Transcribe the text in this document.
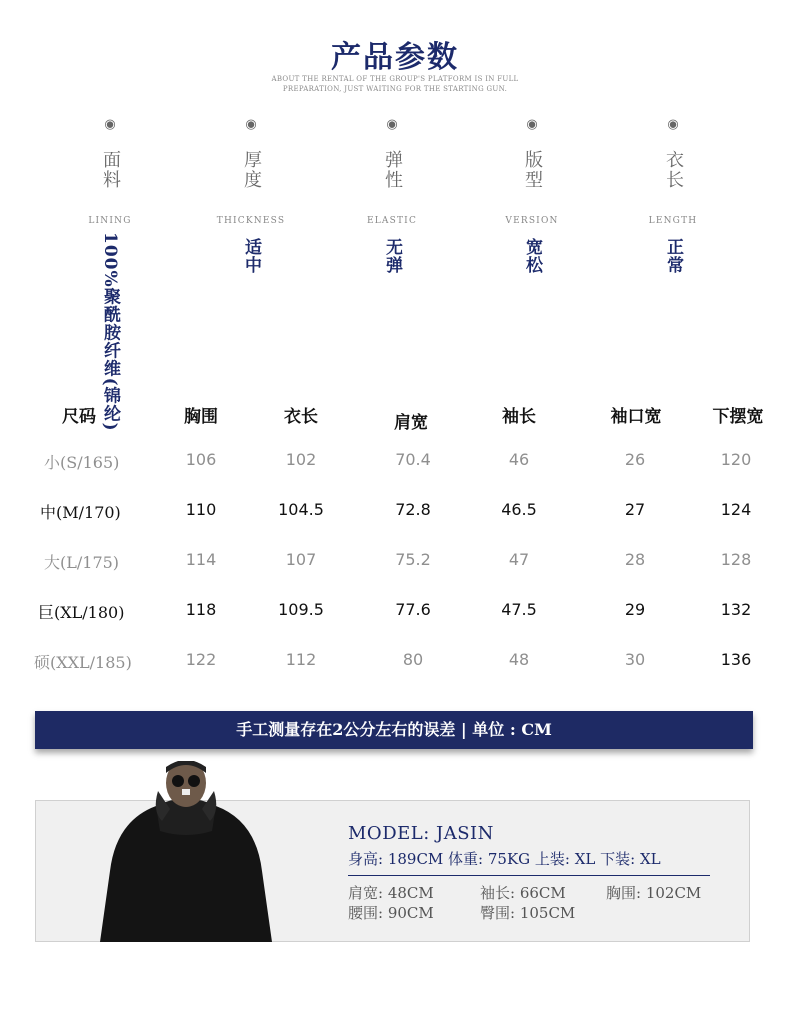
产品参数
ABOUT THE RENTAL OF THE GROUP'S PLATFORM IS IN FULL
PREPARATION, JUST WAITING FOR THE STARTING GUN.
◉
面料
LINING
100%聚酰胺纤维(锦纶)
◉
厚度
THICKNESS
适中
◉
弹性
ELASTIC
无弹
◉
版型
VERSION
宽松
◉
衣长
LENGTH
正常
尺码	胸围	衣长	肩宽	袖长	袖口宽	下摆宽
小(S/165)	106	102	70.4	46	26	120
中(M/170)	110	104.5	72.8	46.5	27	124
大(L/175)	114	107	75.2	47	28	128
巨(XL/180)	118	109.5	77.6	47.5	29	132
硕(XXL/185)	122	112	80	48	30	136
手工测量存在2公分左右的误差 | 单位 : CM
MODEL: JASIN
身高: 189CM 体重: 75KG 上装: XL 下装: XL
肩宽: 48CM	袖长: 66CM	胸围: 102CM
腰围: 90CM	臀围: 105CM
